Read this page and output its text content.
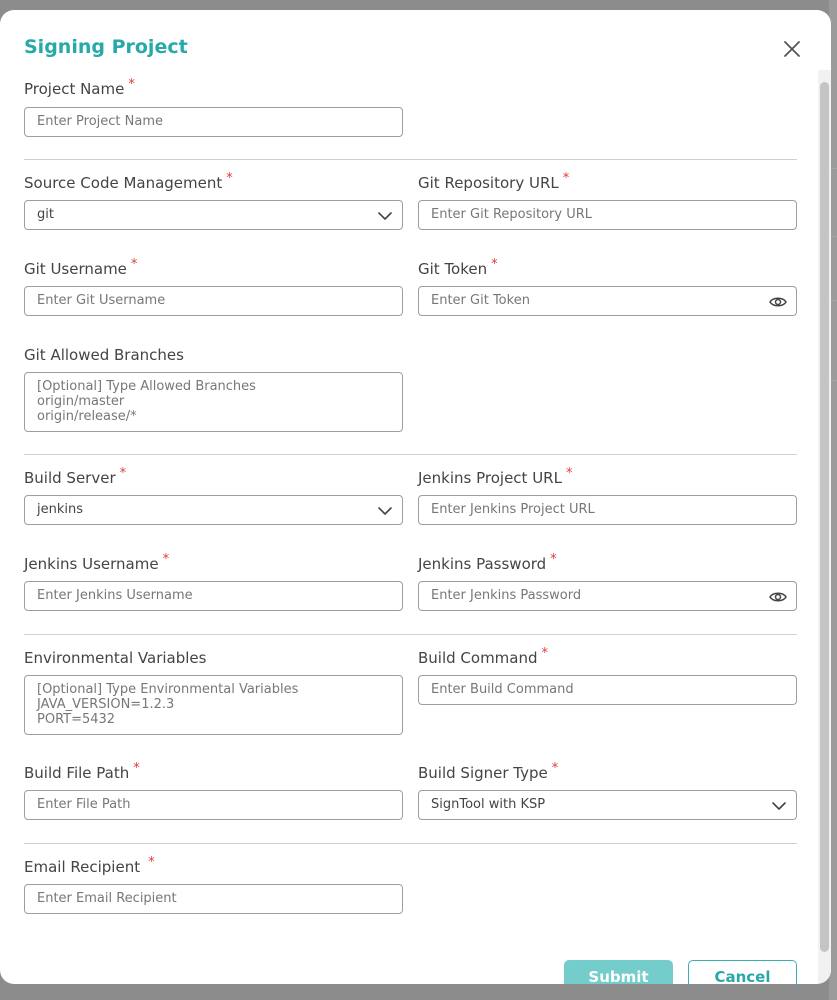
Signing Project
Project Name *
Enter Project Name
Source Code Management *
git
Git Repository URL *
Enter Git Repository URL
Git Username *
Enter Git Username
Git Token *
Enter Git Token
Git Allowed Branches
[Optional] Type Allowed Branches
origin/master
origin/release/*
Build Server *
jenkins
Jenkins Project URL *
Enter Jenkins Project URL
Jenkins Username *
Enter Jenkins Username
Jenkins Password *
Enter Jenkins Password
Environmental Variables
[Optional] Type Environmental Variables
JAVA_VERSION=1.2.3
PORT=5432
Build Command *
Enter Build Command
Build File Path *
Enter File Path
Build Signer Type *
SignTool with KSP
Email Recipient *
Enter Email Recipient
Submit	Cancel
